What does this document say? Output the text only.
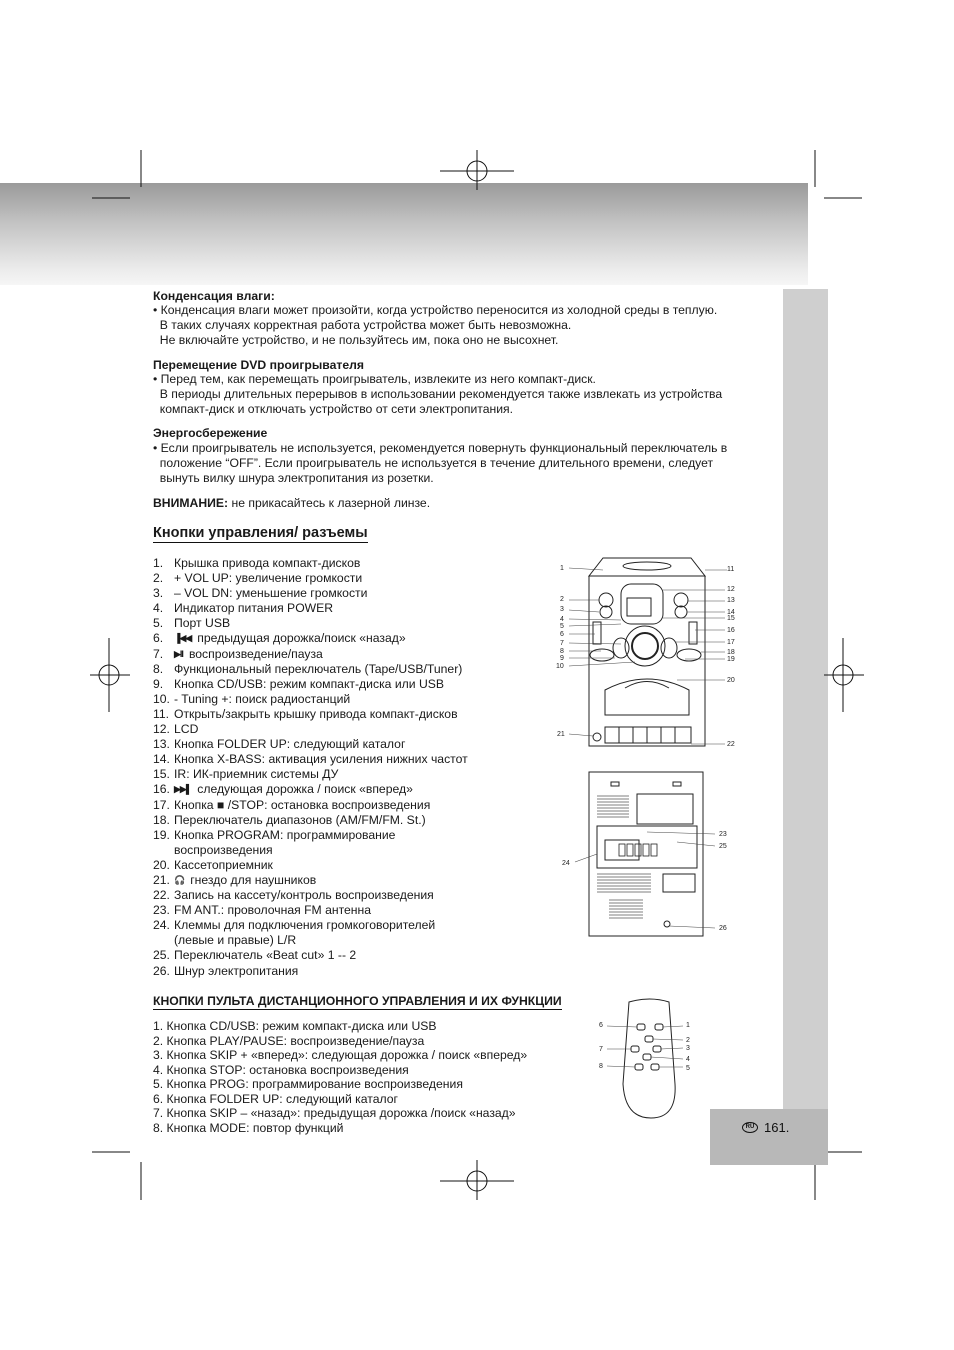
Конденсация влаги:
• Конденсация влаги может произойти, когда устройство переносится из холодной среды в теплую.
В таких случаях корректная работа устройства может быть невозможна.
Не включайте устройство, и не пользуйтесь им, пока оно не высохнет.
Перемещение DVD проигрывателя
• Перед тем, как перемещать проигрыватель, извлеките из него компакт-диск.
В периоды длительных перерывов в использовании рекомендуется также извлекать из устройства
компакт-диск и отключать устройство от сети электропитания.
Энергосбережение
• Если проигрыватель не используется, рекомендуется повернуть функциональный переключатель в
положение “OFF”. Если проигрыватель не используется в течение длительного времени, следует
вынуть вилку шнура электропитания из розетки.
ВНИМАНИЕ: не прикасайтесь к лазерной линзе.
Кнопки управления/ разъемы
1. Крышка привода компакт-дисков
2. + VOL UP: увеличение громкости
3. – VOL DN: уменьшение громкости
4. Индикатор питания POWER
5. Порт USB
6.	▐◀◀ предыдущая дорожка/поиск «назад»
7.	▶II воспроизведение/пауза
8. Функциональный переключатель (Tape/USB/Tuner)
9. Кнопка CD/USB: режим компакт-диска или USB
10. - Tuning +: поиск радиостанций
11. Открыть/закрыть крышку привода компакт-дисков
12. LCD
13. Кнопка FOLDER UP: следующий каталог
14. Кнопка X-BASS: активация усиления нижних частот
15. IR: ИК-приемник системы ДУ
16. ▶▶▌ следующая дорожка / поиск «вперед»
17. Кнопка ■ /STOP: остановка воспроизведения
18. Переключатель диапазонов (AM/FM/FM. St.)
19. Кнопка PROGRAM: программирование
воспроизведения
20. Кассетоприемник
21. 🎧 гнездо для наушников
22. Запись на кассету/контроль воспроизведения
23. FM ANT.: проволочная FM антенна
24. Клеммы для подключения громкоговорителей
(левые и правые) L/R
25. Переключатель «Beat cut» 1 -- 2
26. Шнур электропитания
1
2
3
4
5
6
7
8
9
10
21
11
12
13
14
15
16
17
18
19
20
22
23
25
24
26
КНОПКИ ПУЛЬТА ДИСТАНЦИОННОГО УПРАВЛЕНИЯ И ИХ ФУНКЦИИ
1. Кнопка CD/USB: режим компакт-диска или USB
2. Кнопка PLAY/PAUSE: воспроизведение/пауза
3. Кнопка SKIP + «вперед»: следующая дорожка / поиск «вперед»
4. Кнопка STOP: остановка воспроизведения
5. Кнопка PROG: программирование воспроизведения
6. Кнопка FOLDER UP: следующий каталог
7. Кнопка SKIP – «назад»: предыдущая дорожка /поиск «назад»
8. Кнопка MODE: повтор функций
6	1
2
3
7
4
8	5
RU 161.
